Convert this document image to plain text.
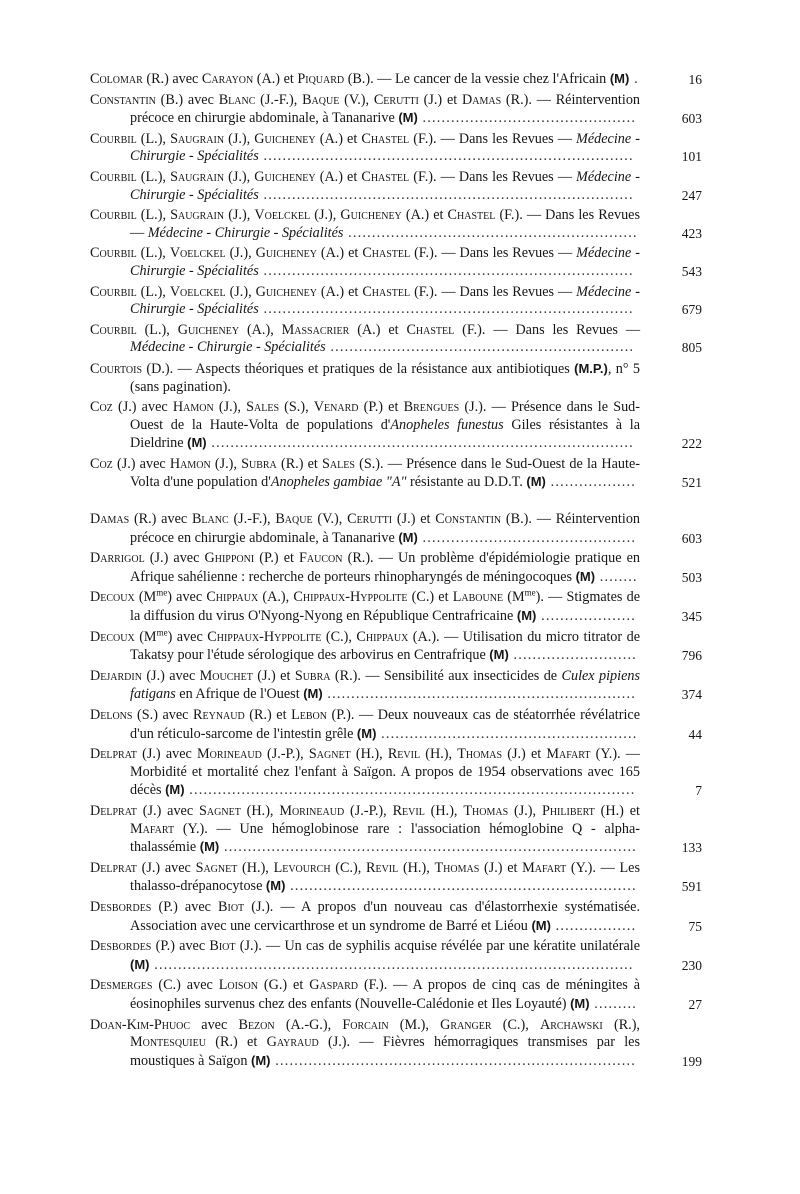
Colomar (R.) avec Carayon (A.) et Piquard (B.). — Le cancer de la vessie chez l'Africain (M) .	16
Constantin (B.) avec Blanc (J.-F.), Baque (V.), Cerutti (J.) et Damas (R.). — Réintervention précoce en chirurgie abdominale, à Tananarive (M) .............................................	603
Courbil (L.), Saugrain (J.), Guicheney (A.) et Chastel (F.). — Dans les Revues — Médecine - Chirurgie - Spécialités ..............................................................................	101
Courbil (L.), Saugrain (J.), Guicheney (A.) et Chastel (F.). — Dans les Revues — Médecine - Chirurgie - Spécialités ..............................................................................	247
Courbil (L.), Saugrain (J.), Voelckel (J.), Guicheney (A.) et Chastel (F.). — Dans les Revues — Médecine - Chirurgie - Spécialités .............................................................	423
Courbil (L.), Voelckel (J.), Guicheney (A.) et Chastel (F.). — Dans les Revues — Médecine - Chirurgie - Spécialités ..............................................................................	543
Courbil (L.), Voelckel (J.), Guicheney (A.) et Chastel (F.). — Dans les Revues — Médecine - Chirurgie - Spécialités ..............................................................................	679
Courbil (L.), Guicheney (A.), Massacrier (A.) et Chastel (F.). — Dans les Revues — Médecine - Chirurgie - Spécialités ................................................................	805
Courtois (D.). — Aspects théoriques et pratiques de la résistance aux antibiotiques (M.P.), n° 5 (sans pagination).
Coz (J.) avec Hamon (J.), Sales (S.), Venard (P.) et Brengues (J.). — Présence dans le Sud-Ouest de la Haute-Volta de populations d'Anopheles funestus Giles résistantes à la Dieldrine (M) .........................................................................................	222
Coz (J.) avec Hamon (J.), Subra (R.) et Sales (S.). — Présence dans le Sud-Ouest de la Haute-Volta d'une population d'Anopheles gambiae "A" résistante au D.D.T. (M) ..................	521
Damas (R.) avec Blanc (J.-F.), Baque (V.), Cerutti (J.) et Constantin (B.). — Réintervention précoce en chirurgie abdominale, à Tananarive (M) .............................................	603
Darrigol (J.) avec Ghipponi (P.) et Faucon (R.). — Un problème d'épidémiologie pratique en Afrique sahélienne : recherche de porteurs rhinopharyngés de méningocoques (M) ........	503
Decoux $(M^{me})$ avec Chippaux (A.), Chippaux-Hyppolite (C.) et Laboune $(M^{me})$. — Stigmates de la diffusion du virus O'Nyong-Nyong en République Centrafricaine (M) ....................	345
Decoux $(M^{me})$ avec Chippaux-Hyppolite (C.), Chippaux (A.). — Utilisation du micro titrator de Takatsy pour l'étude sérologique des arbovirus en Centrafrique (M) ..........................	796
Dejardin (J.) avec Mouchet (J.) et Subra (R.). — Sensibilité aux insecticides de Culex pipiens fatigans en Afrique de l'Ouest (M) .................................................................	374
Delons (S.) avec Reynaud (R.) et Lebon (P.). — Deux nouveaux cas de stéatorrhée révélatrice d'un réticulo-sarcome de l'intestin grêle (M) ......................................................	44
Delprat (J.) avec Morineaud (J.-P.), Sagnet (H.), Revil (H.), Thomas (J.) et Mafart (Y.). — Morbidité et mortalité chez l'enfant à Saïgon. A propos de 1954 observations avec 165 décès (M) ..............................................................................................	7
Delprat (J.) avec Sagnet (H.), Morineaud (J.-P.), Revil (H.), Thomas (J.), Philibert (H.) et Mafart (Y.). — Une hémoglobinose rare : l'association hémoglobine Q - alpha-thalassémie (M) .......................................................................................	133
Delprat (J.) avec Sagnet (H.), Levourch (C.), Revil (H.), Thomas (J.) et Mafart (Y.). — Les thalasso-drépanocytose (M) .........................................................................	591
Desbordes (P.) avec Biot (J.). — A propos d'un nouveau cas d'élastorrhexie systématisée. Association avec une cervicarthrose et un syndrome de Barré et Liéou (M) .................	75
Desbordes (P.) avec Biot (J.). — Un cas de syphilis acquise révélée par une kératite unilatérale (M) .....................................................................................................	230
Desmerges (C.) avec Loison (G.) et Gaspard (F.). — A propos de cinq cas de méningites à éosinophiles survenus chez des enfants (Nouvelle-Calédonie et Iles Loyauté) (M) .........	27
Doan-Kim-Phuoc avec Bezon (A.-G.), Forcain (M.), Granger (C.), Archawski (R.), Montesquieu (R.) et Gayraud (J.). — Fièvres hémorragiques transmises par les moustiques à Saïgon (M) ............................................................................	199
